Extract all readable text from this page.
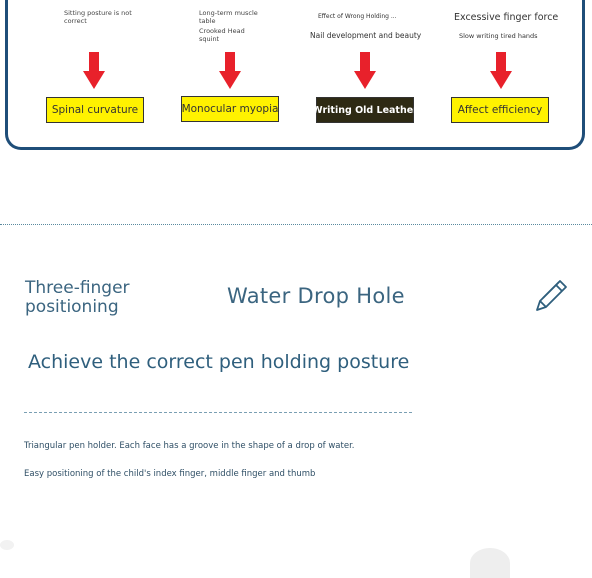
Sitting posture is not correct
Spinal curvature
Long-term muscle table
Crooked Head squint
Monocular myopia
Effect of Wrong Holding ...
Nail development and beauty
Writing Old Leather
Excessive finger force
Slow writing tired hands
Affect efficiency
Three-finger positioning	Water Drop Hole
Achieve the correct pen holding posture
Triangular pen holder. Each face has a groove in the shape of a drop of water.
Easy positioning of the child's index finger, middle finger and thumb
